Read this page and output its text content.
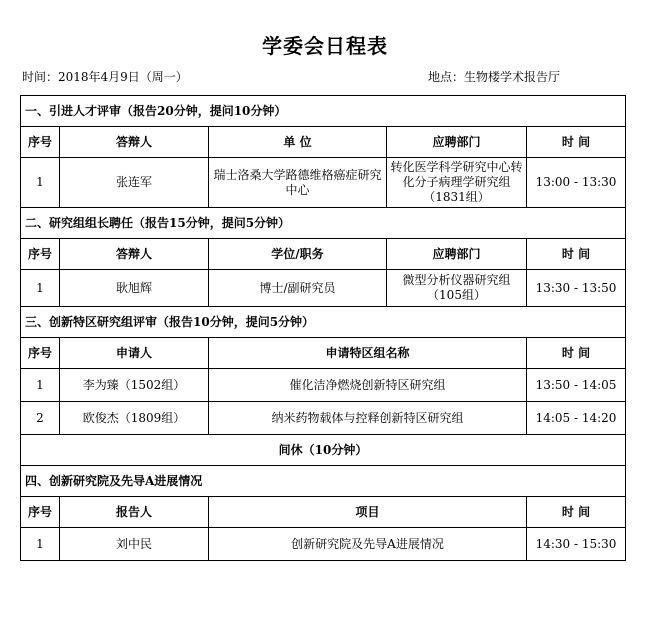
学委会日程表
时间：2018年4月9日（周一）	地点：生物楼学术报告厅
一、引进人才评审（报告20分钟，提问10分钟）				
序号	答辩人	单 位	应聘部门	时 间
1	张连军	瑞士洛桑大学路德维格癌症研究中心	转化医学科学研究中心转化分子病理学研究组（1831组）	13:00 - 13:30
二、研究组组长聘任（报告15分钟，提问5分钟）				
序号	答辩人	学位/职务	应聘部门	时 间
1	耿旭辉	博士/副研究员	微型分析仪器研究组（105组）	13:30 - 13:50
三、创新特区研究组评审（报告10分钟，提问5分钟）				
序号	申请人	申请特区组名称		时 间
1	李为臻（1502组）	催化洁净燃烧创新特区研究组		13:50 - 14:05
2	欧俊杰（1809组）	纳米药物载体与控释创新特区研究组		14:05 - 14:20
间休（10分钟）				
四、创新研究院及先导A进展情况				
序号	报告人	项目		时 间
1	刘中民	创新研究院及先导A进展情况		14:30 - 15:30
